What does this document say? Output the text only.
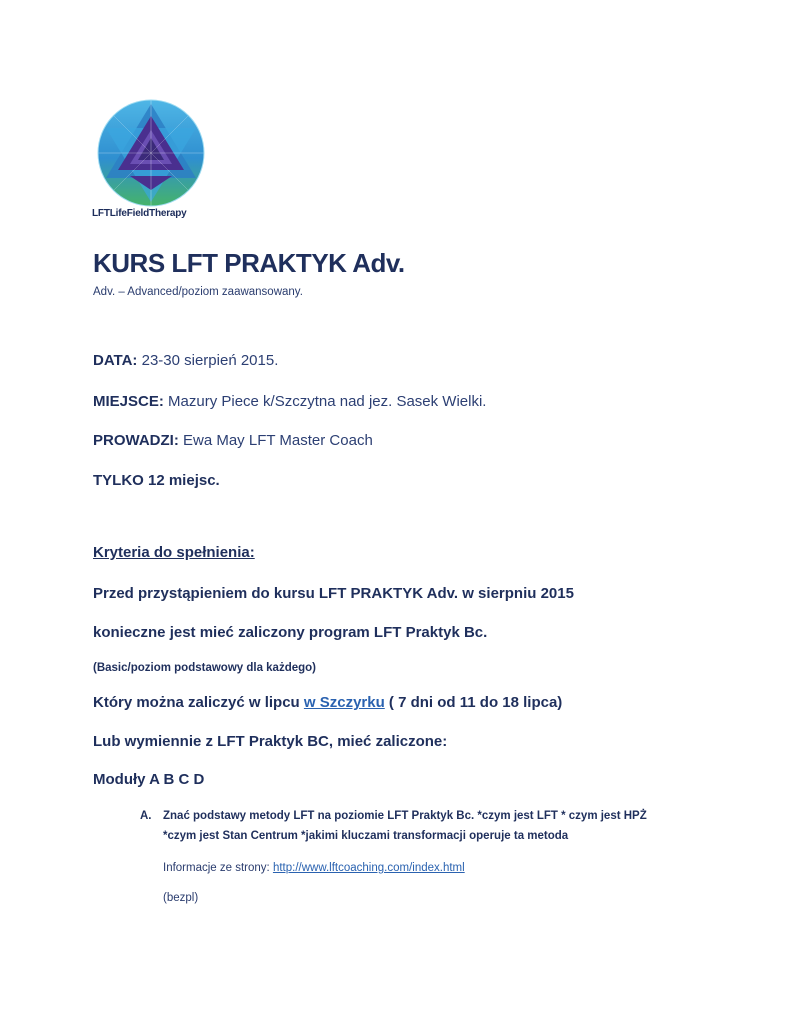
LFTLifeFieldTherapy
KURS LFT PRAKTYK Adv.
Adv. – Advanced/poziom zaawansowany.
DATA: 23-30 sierpień 2015.
MIEJSCE: Mazury Piece k/Szczytna nad jez. Sasek Wielki.
PROWADZI: Ewa May LFT Master Coach
TYLKO 12 miejsc.
Kryteria do spełnienia:
Przed przystąpieniem do kursu LFT PRAKTYK Adv. w sierpniu 2015
konieczne jest mieć zaliczony program LFT Praktyk Bc.
(Basic/poziom podstawowy dla każdego)
Który można zaliczyć w lipcu w Szczyrku ( 7 dni od 11 do 18 lipca)
Lub wymiennie z LFT Praktyk BC, mieć zaliczone:
Moduły A B C D
A. Znać podstawy metody LFT na poziomie LFT Praktyk Bc. *czym jest LFT * czym jest HPŻ
*czym jest Stan Centrum *jakimi kluczami transformacji operuje ta metoda
Informacje ze strony: http://www.lftcoaching.com/index.html
(bezpl)
